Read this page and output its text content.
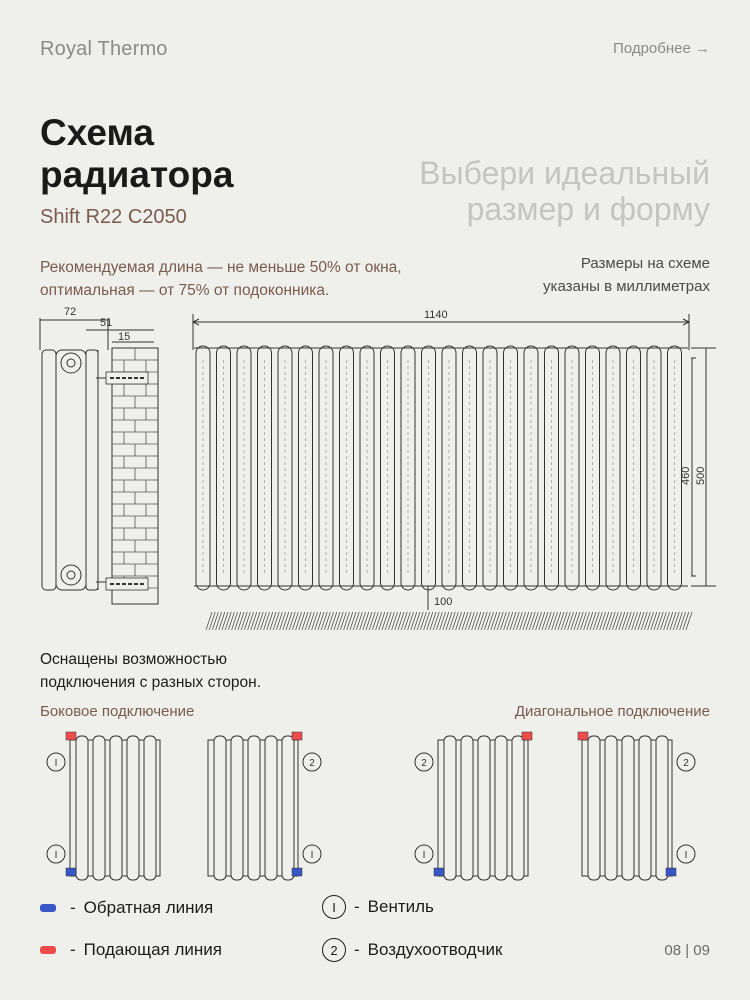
Royal Thermo	Подробнее →
Схема
радиатора
Shift R22 C2050
Выбери идеальный
размер и форму
Рекомендуемая длина — не меньше 50% от окна,
оптимальная — от 75% от подоконника.
Размеры на схеме
указаны в миллиметрах
72
51
15
1140
460 500
100
Оснащены возможностью
подключения с разных сторон.
Боковое подключение	Диагональное подключение
I
I
2
I
2
I
2
I
- Обратная линия
- Подающая линия
I	- Вентиль
2 - Воздухоотводчик	08 | 09
